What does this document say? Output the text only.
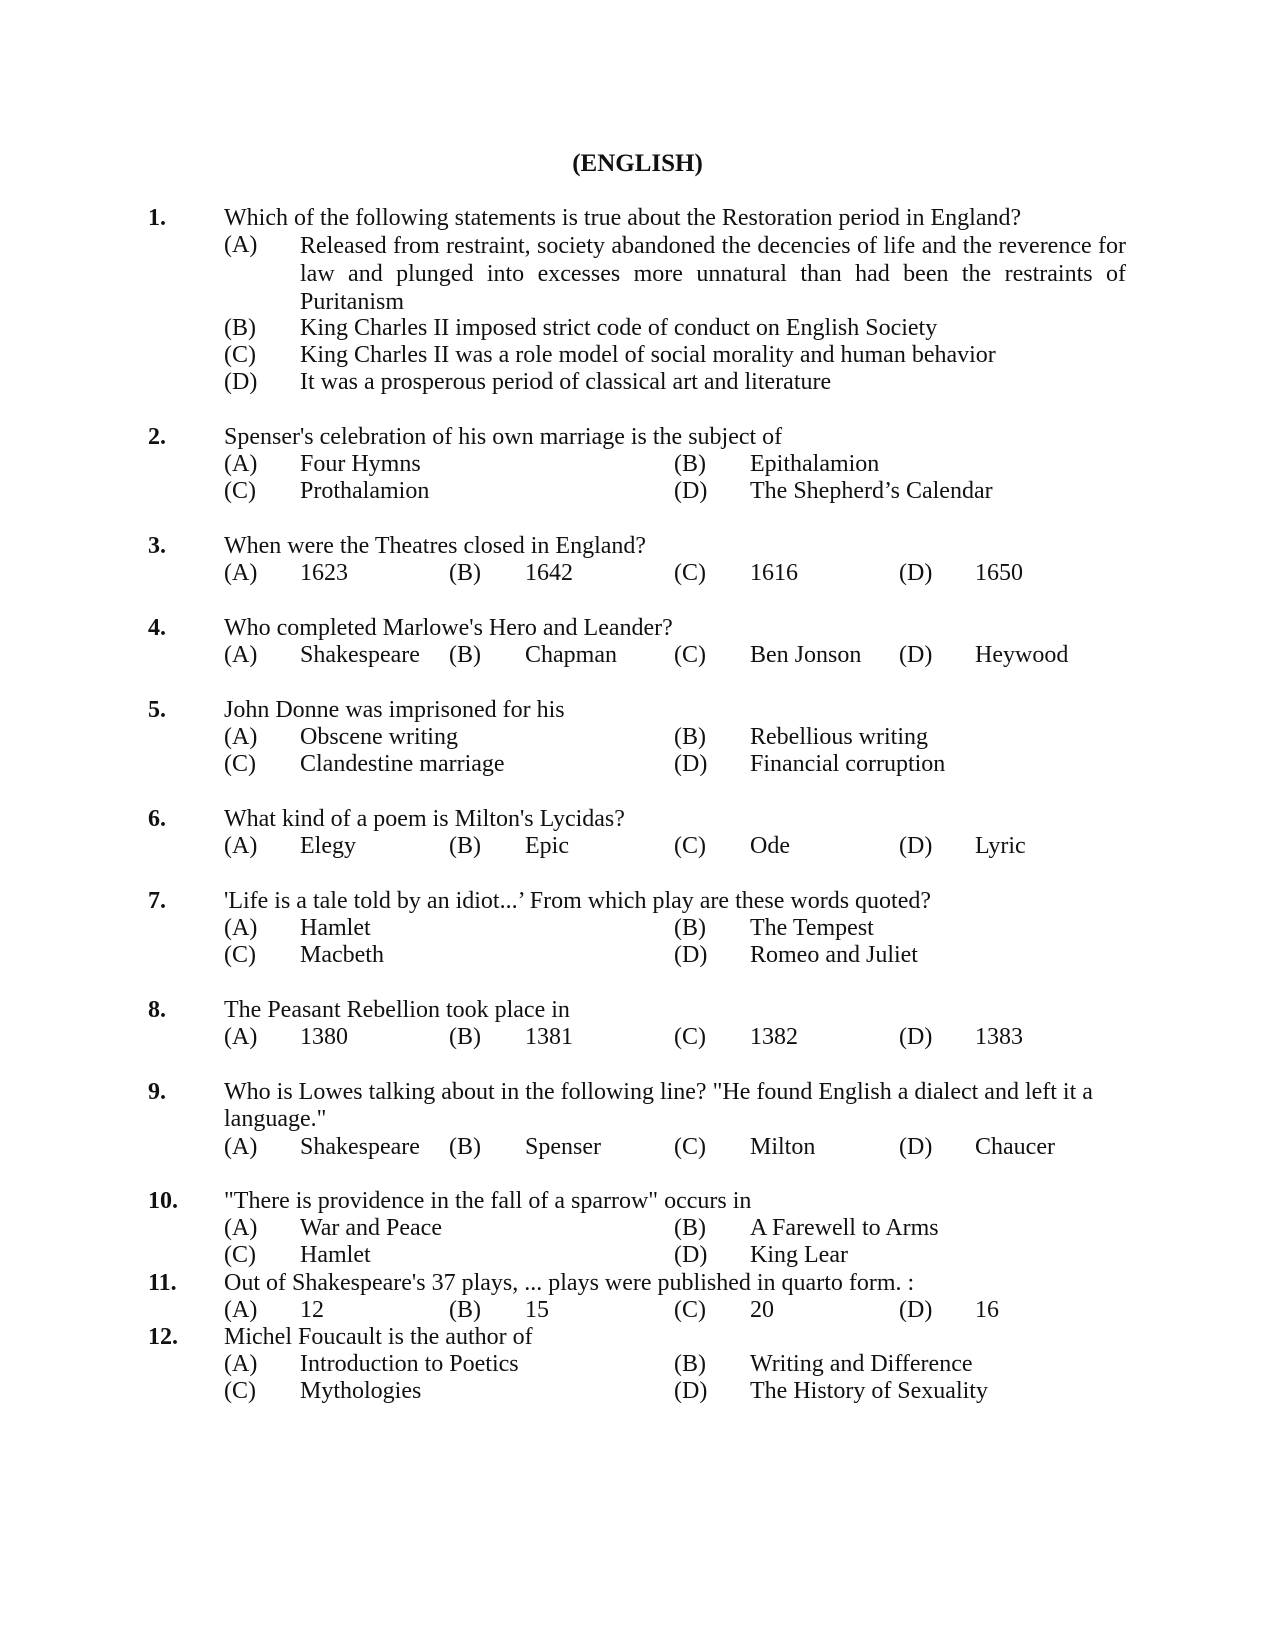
(ENGLISH)
1. Which of the following statements is true about the Restoration period in England?
(A) Released from restraint, society abandoned the decencies of life and the reverence for law and plunged into excesses more unnatural than had been the restraints of Puritanism
(B) King Charles II imposed strict code of conduct on English Society
(C) King Charles II was a role model of social morality and human behavior
(D) It was a prosperous period of classical art and literature
2. Spenser's celebration of his own marriage is the subject of
(A) Four Hymns	(B) Epithalamion
(C) Prothalamion	(D) The Shepherd’s Calendar
3. When were the Theatres closed in England?
(A) 1623	(B) 1642	(C) 1616	(D) 1650
4. Who completed Marlowe's Hero and Leander?
(A) Shakespeare (B) Chapman (C) Ben Jonson (D) Heywood
5. John Donne was imprisoned for his
(A) Obscene writing	(B) Rebellious writing
(C) Clandestine marriage	(D) Financial corruption
6. What kind of a poem is Milton's Lycidas?
(A) Elegy	(B) Epic	(C) Ode	(D) Lyric
7. 'Life is a tale told by an idiot...’ From which play are these words quoted?
(A) Hamlet	(B) The Tempest
(C) Macbeth	(D) Romeo and Juliet
8. The Peasant Rebellion took place in
(A) 1380	(B) 1381	(C) 1382	(D) 1383
9. Who is Lowes talking about in the following line? "He found English a dialect and left it a language."
(A) Shakespeare (B) Spenser	(C) Milton	(D) Chaucer
10. "There is providence in the fall of a sparrow" occurs in
(A) War and Peace	(B) A Farewell to Arms
(C) Hamlet	(D) King Lear
11. Out of Shakespeare's 37 plays, ... plays were published in quarto form. :
(A) 12	(B) 15	(C) 20	(D) 16
12. Michel Foucault is the author of
(A) Introduction to Poetics	(B) Writing and Difference
(C) Mythologies	(D) The History of Sexuality
